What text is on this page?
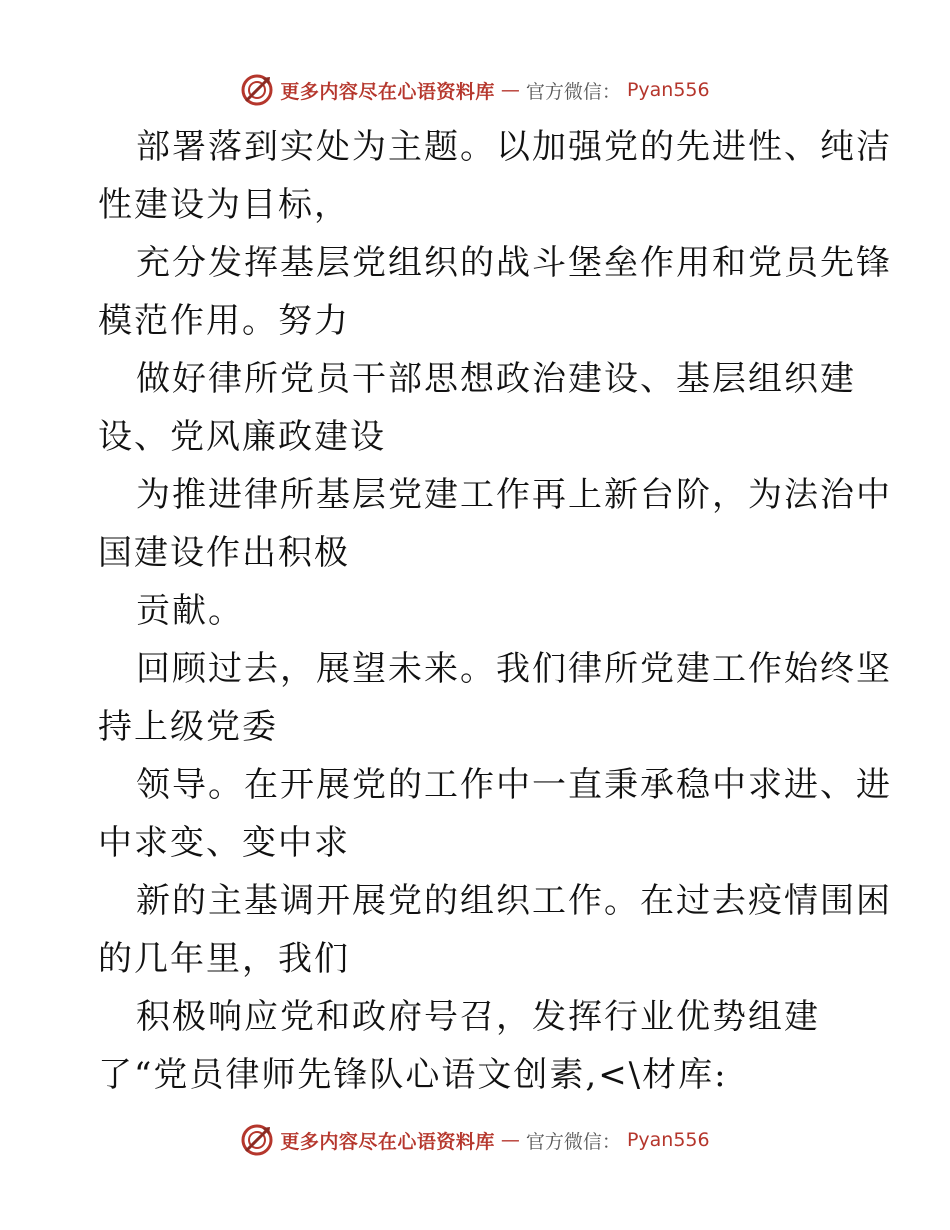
更多内容尽在心语资料库 — 官方微信： Pyan556
部署落到实处为主题。以加强党的先进性、纯洁
性建设为目标，
充分发挥基层党组织的战斗堡垒作用和党员先锋
模范作用。努力
做好律所党员干部思想政治建设、基层组织建
设、党风廉政建设
为推进律所基层党建工作再上新台阶，为法治中
国建设作出积极
贡献。
回顾过去，展望未来。我们律所党建工作始终坚
持上级党委
领导。在开展党的工作中一直秉承稳中求进、进
中求变、变中求
新的主基调开展党的组织工作。在过去疫情围困
的几年里，我们
积极响应党和政府号召，发挥行业优势组建
了“党员律师先锋队心语文创素,<\材库:
更多内容尽在心语资料库 — 官方微信： Pyan556
